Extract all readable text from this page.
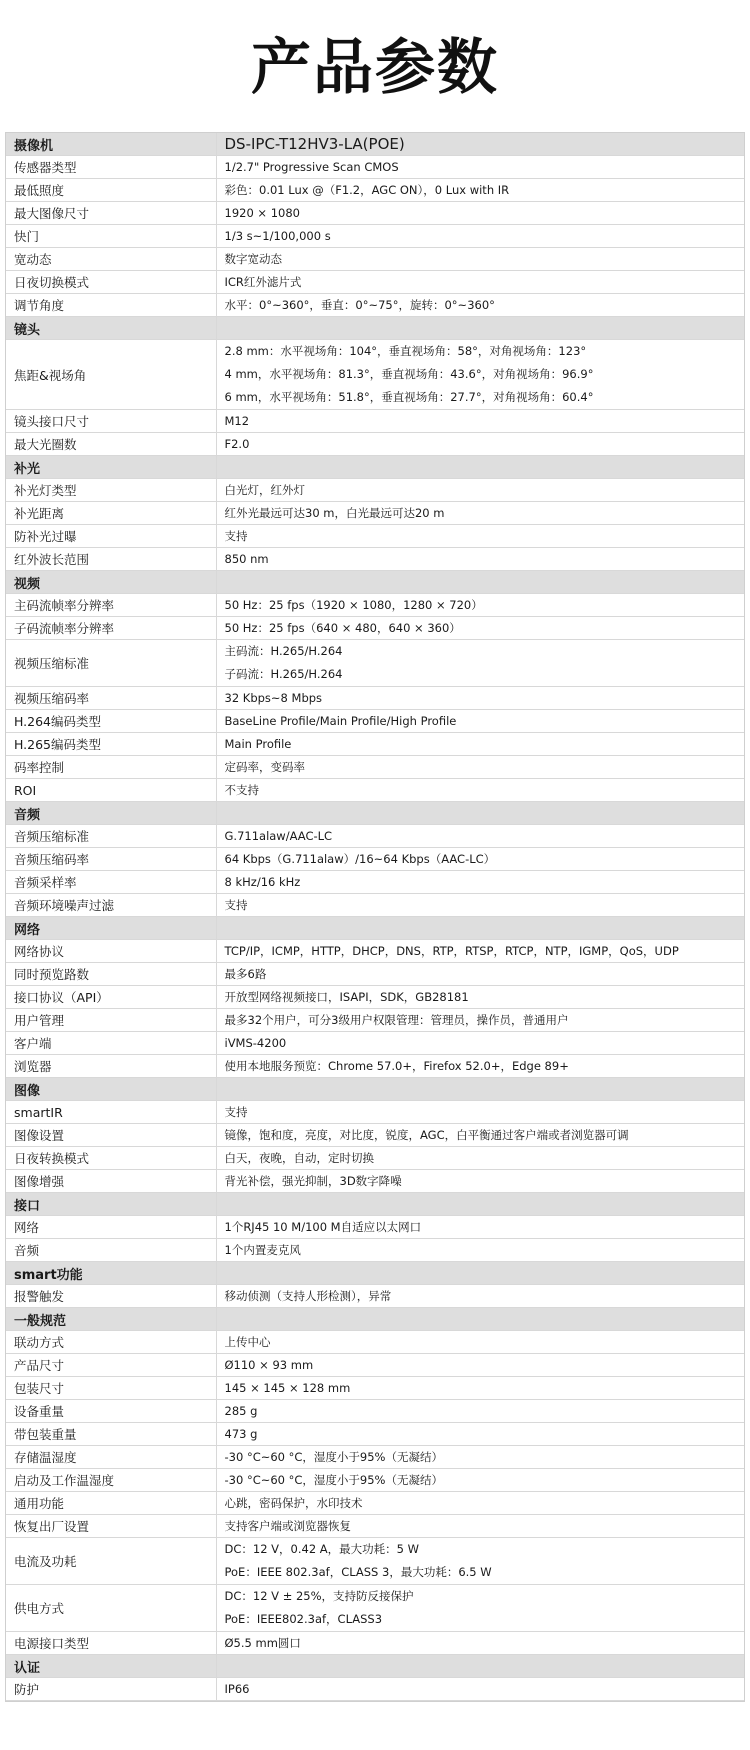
产品参数
摄像机	DS-IPC-T12HV3-LA(POE)
传感器类型	1/2.7" Progressive Scan CMOS

最低照度	彩色：0.01 Lux @（F1.2，AGC ON），0 Lux with IR

最大图像尺寸	1920 × 1080

快门	1/3 s~1/100,000 s

宽动态	数字宽动态

日夜切换模式	ICR红外滤片式

调节角度	水平：0°~360°，垂直：0°~75°，旋转：0°~360°

镜头	
焦距&视场角	2.8 mm：水平视场角：104°，垂直视场角：58°，对角视场角：123°
4 mm，水平视场角：81.3°，垂直视场角：43.6°，对角视场角：96.9°
6 mm，水平视场角：51.8°，垂直视场角：27.7°，对角视场角：60.4°

镜头接口尺寸	M12

最大光圈数	F2.0

补光	
补光灯类型	白光灯，红外灯

补光距离	红外光最远可达30 m，白光最远可达20 m

防补光过曝	支持

红外波长范围	850 nm

视频	
主码流帧率分辨率	50 Hz：25 fps（1920 × 1080，1280 × 720）

子码流帧率分辨率	50 Hz：25 fps（640 × 480，640 × 360）

视频压缩标准	主码流：H.265/H.264
子码流：H.265/H.264

视频压缩码率	32 Kbps~8 Mbps

H.264编码类型	BaseLine Profile/Main Profile/High Profile

H.265编码类型	Main Profile

码率控制	定码率，变码率

ROI	不支持

音频	
音频压缩标准	G.711alaw/AAC-LC

音频压缩码率	64 Kbps（G.711alaw）/16~64 Kbps（AAC-LC）

音频采样率	8 kHz/16 kHz

音频环境噪声过滤	支持

网络	
网络协议	TCP/IP，ICMP，HTTP，DHCP，DNS，RTP，RTSP，RTCP，NTP，IGMP，QoS，UDP

同时预览路数	最多6路

接口协议（API）	开放型网络视频接口，ISAPI，SDK，GB28181

用户管理	最多32个用户，可分3级用户权限管理：管理员，操作员，普通用户

客户端	iVMS-4200

浏览器	使用本地服务预览：Chrome 57.0+，Firefox 52.0+，Edge 89+

图像	
smartIR	支持

图像设置	镜像，饱和度，亮度，对比度，锐度，AGC，白平衡通过客户端或者浏览器可调

日夜转换模式	白天，夜晚，自动，定时切换

图像增强	背光补偿，强光抑制，3D数字降噪

接口	
网络	1个RJ45 10 M/100 M自适应以太网口

音频	1个内置麦克风

smart功能	
报警触发	移动侦测（支持人形检测），异常

一般规范	
联动方式	上传中心

产品尺寸	Ø110 × 93 mm

包装尺寸	145 × 145 × 128 mm

设备重量	285 g

带包装重量	473 g

存储温湿度	-30 °C~60 °C，湿度小于95%（无凝结）

启动及工作温湿度	-30 °C~60 °C，湿度小于95%（无凝结）

通用功能	心跳，密码保护，水印技术

恢复出厂设置	支持客户端或浏览器恢复

电流及功耗	DC：12 V，0.42 A，最大功耗：5 W
PoE：IEEE 802.3af，CLASS 3，最大功耗：6.5 W

供电方式	DC：12 V ± 25%，支持防反接保护
PoE：IEEE802.3af，CLASS3

电源接口类型	Ø5.5 mm圆口

认证	
防护	IP66
